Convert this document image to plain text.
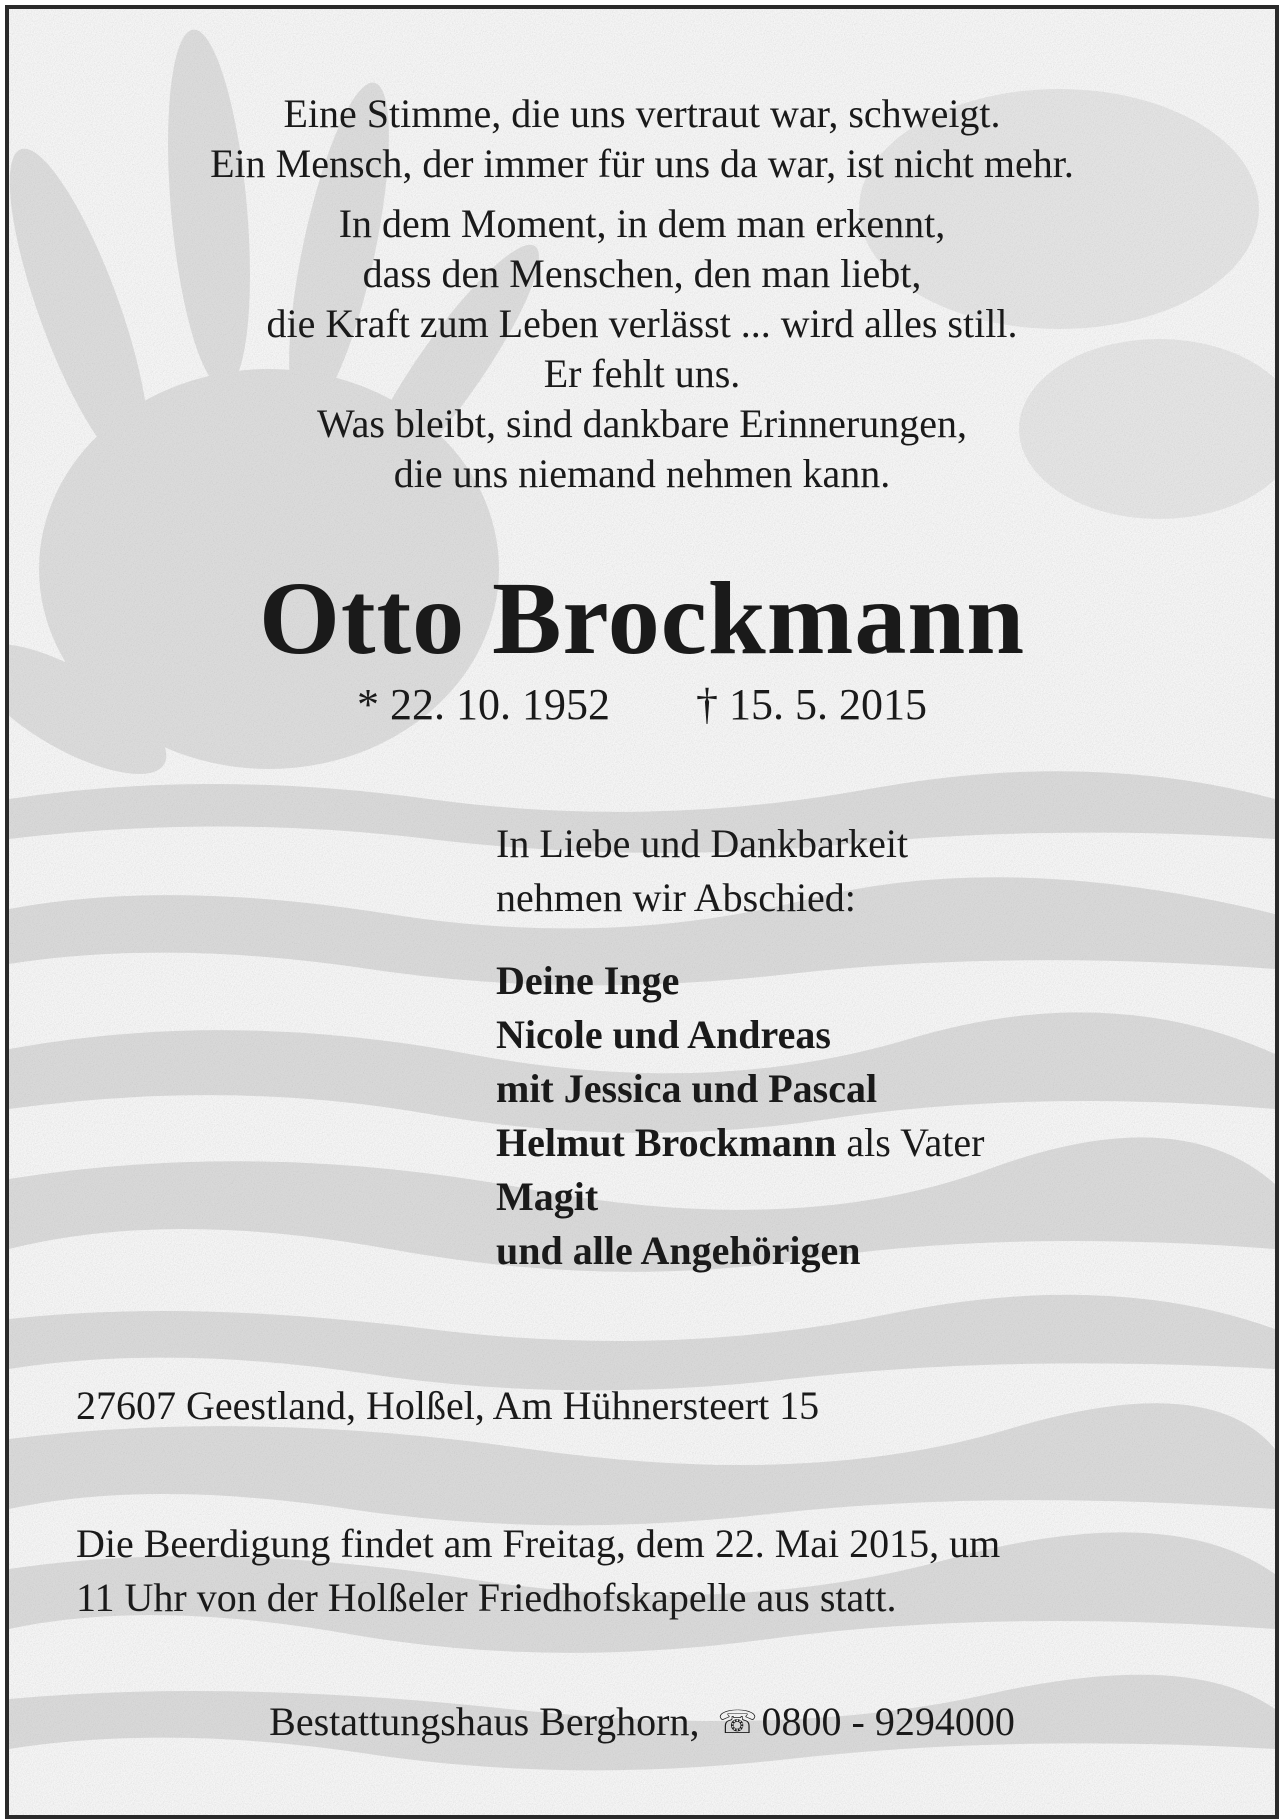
Eine Stimme, die uns vertraut war, schweigt.

Ein Mensch, der immer für uns da war, ist nicht mehr.

In dem Moment, in dem man erkennt,

dass den Menschen, den man liebt,

die Kraft zum Leben verlässt ... wird alles still.

Er fehlt uns.

Was bleibt, sind dankbare Erinnerungen,

die uns niemand nehmen kann.

Otto Brockmann
* 22. 10. 1952 † 15. 5. 2015

In Liebe und Dankbarkeit

nehmen wir Abschied:

Deine Inge

Nicole und Andreas

mit Jessica und Pascal

Helmut Brockmann als Vater

Magit

und alle Angehörigen

27607 Geestland, Holßel, Am Hühnersteert 15

Die Beerdigung findet am Freitag, dem 22. Mai 2015, um

11 Uhr von der Holßeler Friedhofskapelle aus statt.

Bestattungshaus Berghorn, ☏ 0800 - 9294000
